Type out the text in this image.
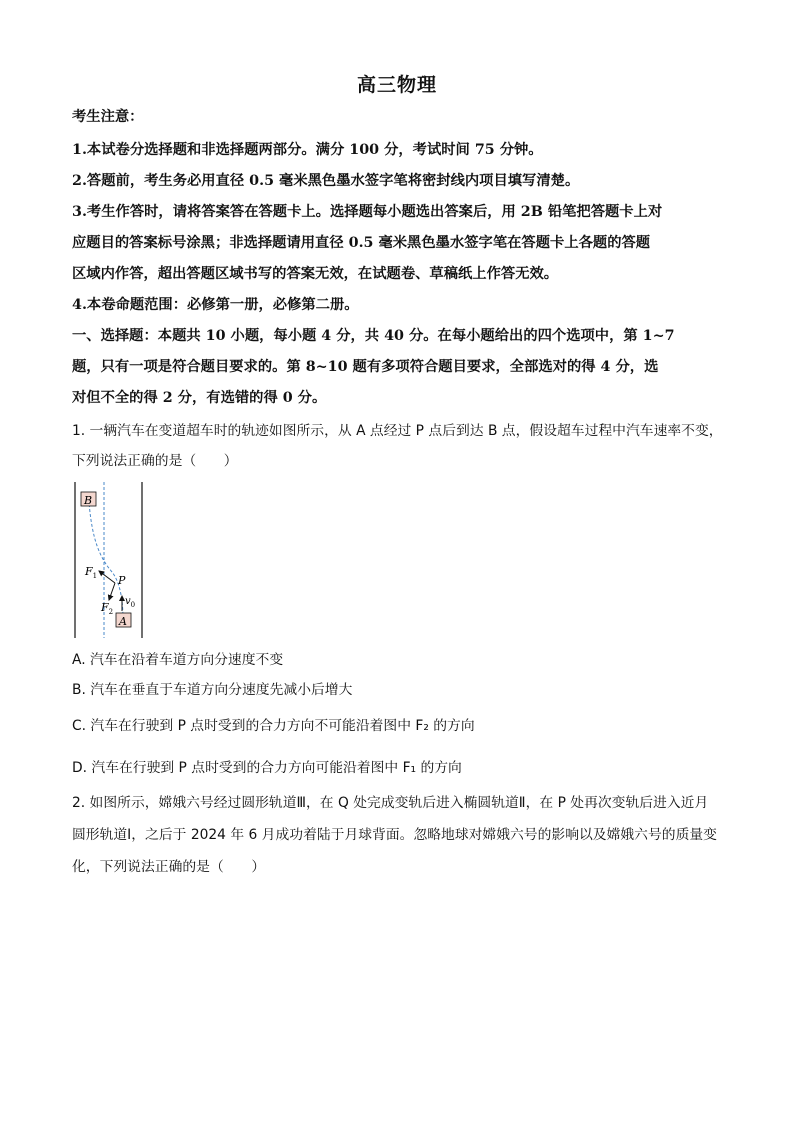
高三物理
考生注意：
1.本试卷分选择题和非选择题两部分。满分 100 分，考试时间 75 分钟。
2.答题前，考生务必用直径 0.5 毫米黑色墨水签字笔将密封线内项目填写清楚。
3.考生作答时，请将答案答在答题卡上。选择题每小题选出答案后，用 2B 铅笔把答题卡上对
应题目的答案标号涂黑；非选择题请用直径 0.5 毫米黑色墨水签字笔在答题卡上各题的答题
区域内作答，超出答题区域书写的答案无效，在试题卷、草稿纸上作答无效。
4.本卷命题范围：必修第一册，必修第二册。
一、选择题：本题共 10 小题，每小题 4 分，共 40 分。在每小题给出的四个选项中，第 1~7
题，只有一项是符合题目要求的。第 8~10 题有多项符合题目要求，全部选对的得 4 分，选
对但不全的得 2 分，有选错的得 0 分。
1. 一辆汽车在变道超车时的轨迹如图所示，从 A 点经过 P 点后到达 B 点，假设超车过程中汽车速率不变，
下列说法正确的是（　　）
B
A
P
$F_1$
$F_2$
$v_0$
A. 汽车在沿着车道方向分速度不变
B. 汽车在垂直于车道方向分速度先减小后增大
C. 汽车在行驶到 P 点时受到的合力方向不可能沿着图中 F₂ 的方向
D. 汽车在行驶到 P 点时受到的合力方向可能沿着图中 F₁ 的方向
2. 如图所示，嫦娥六号经过圆形轨道Ⅲ，在 Q 处完成变轨后进入椭圆轨道Ⅱ，在 P 处再次变轨后进入近月
圆形轨道Ⅰ，之后于 2024 年 6 月成功着陆于月球背面。忽略地球对嫦娥六号的影响以及嫦娥六号的质量变
化，下列说法正确的是（　　）
